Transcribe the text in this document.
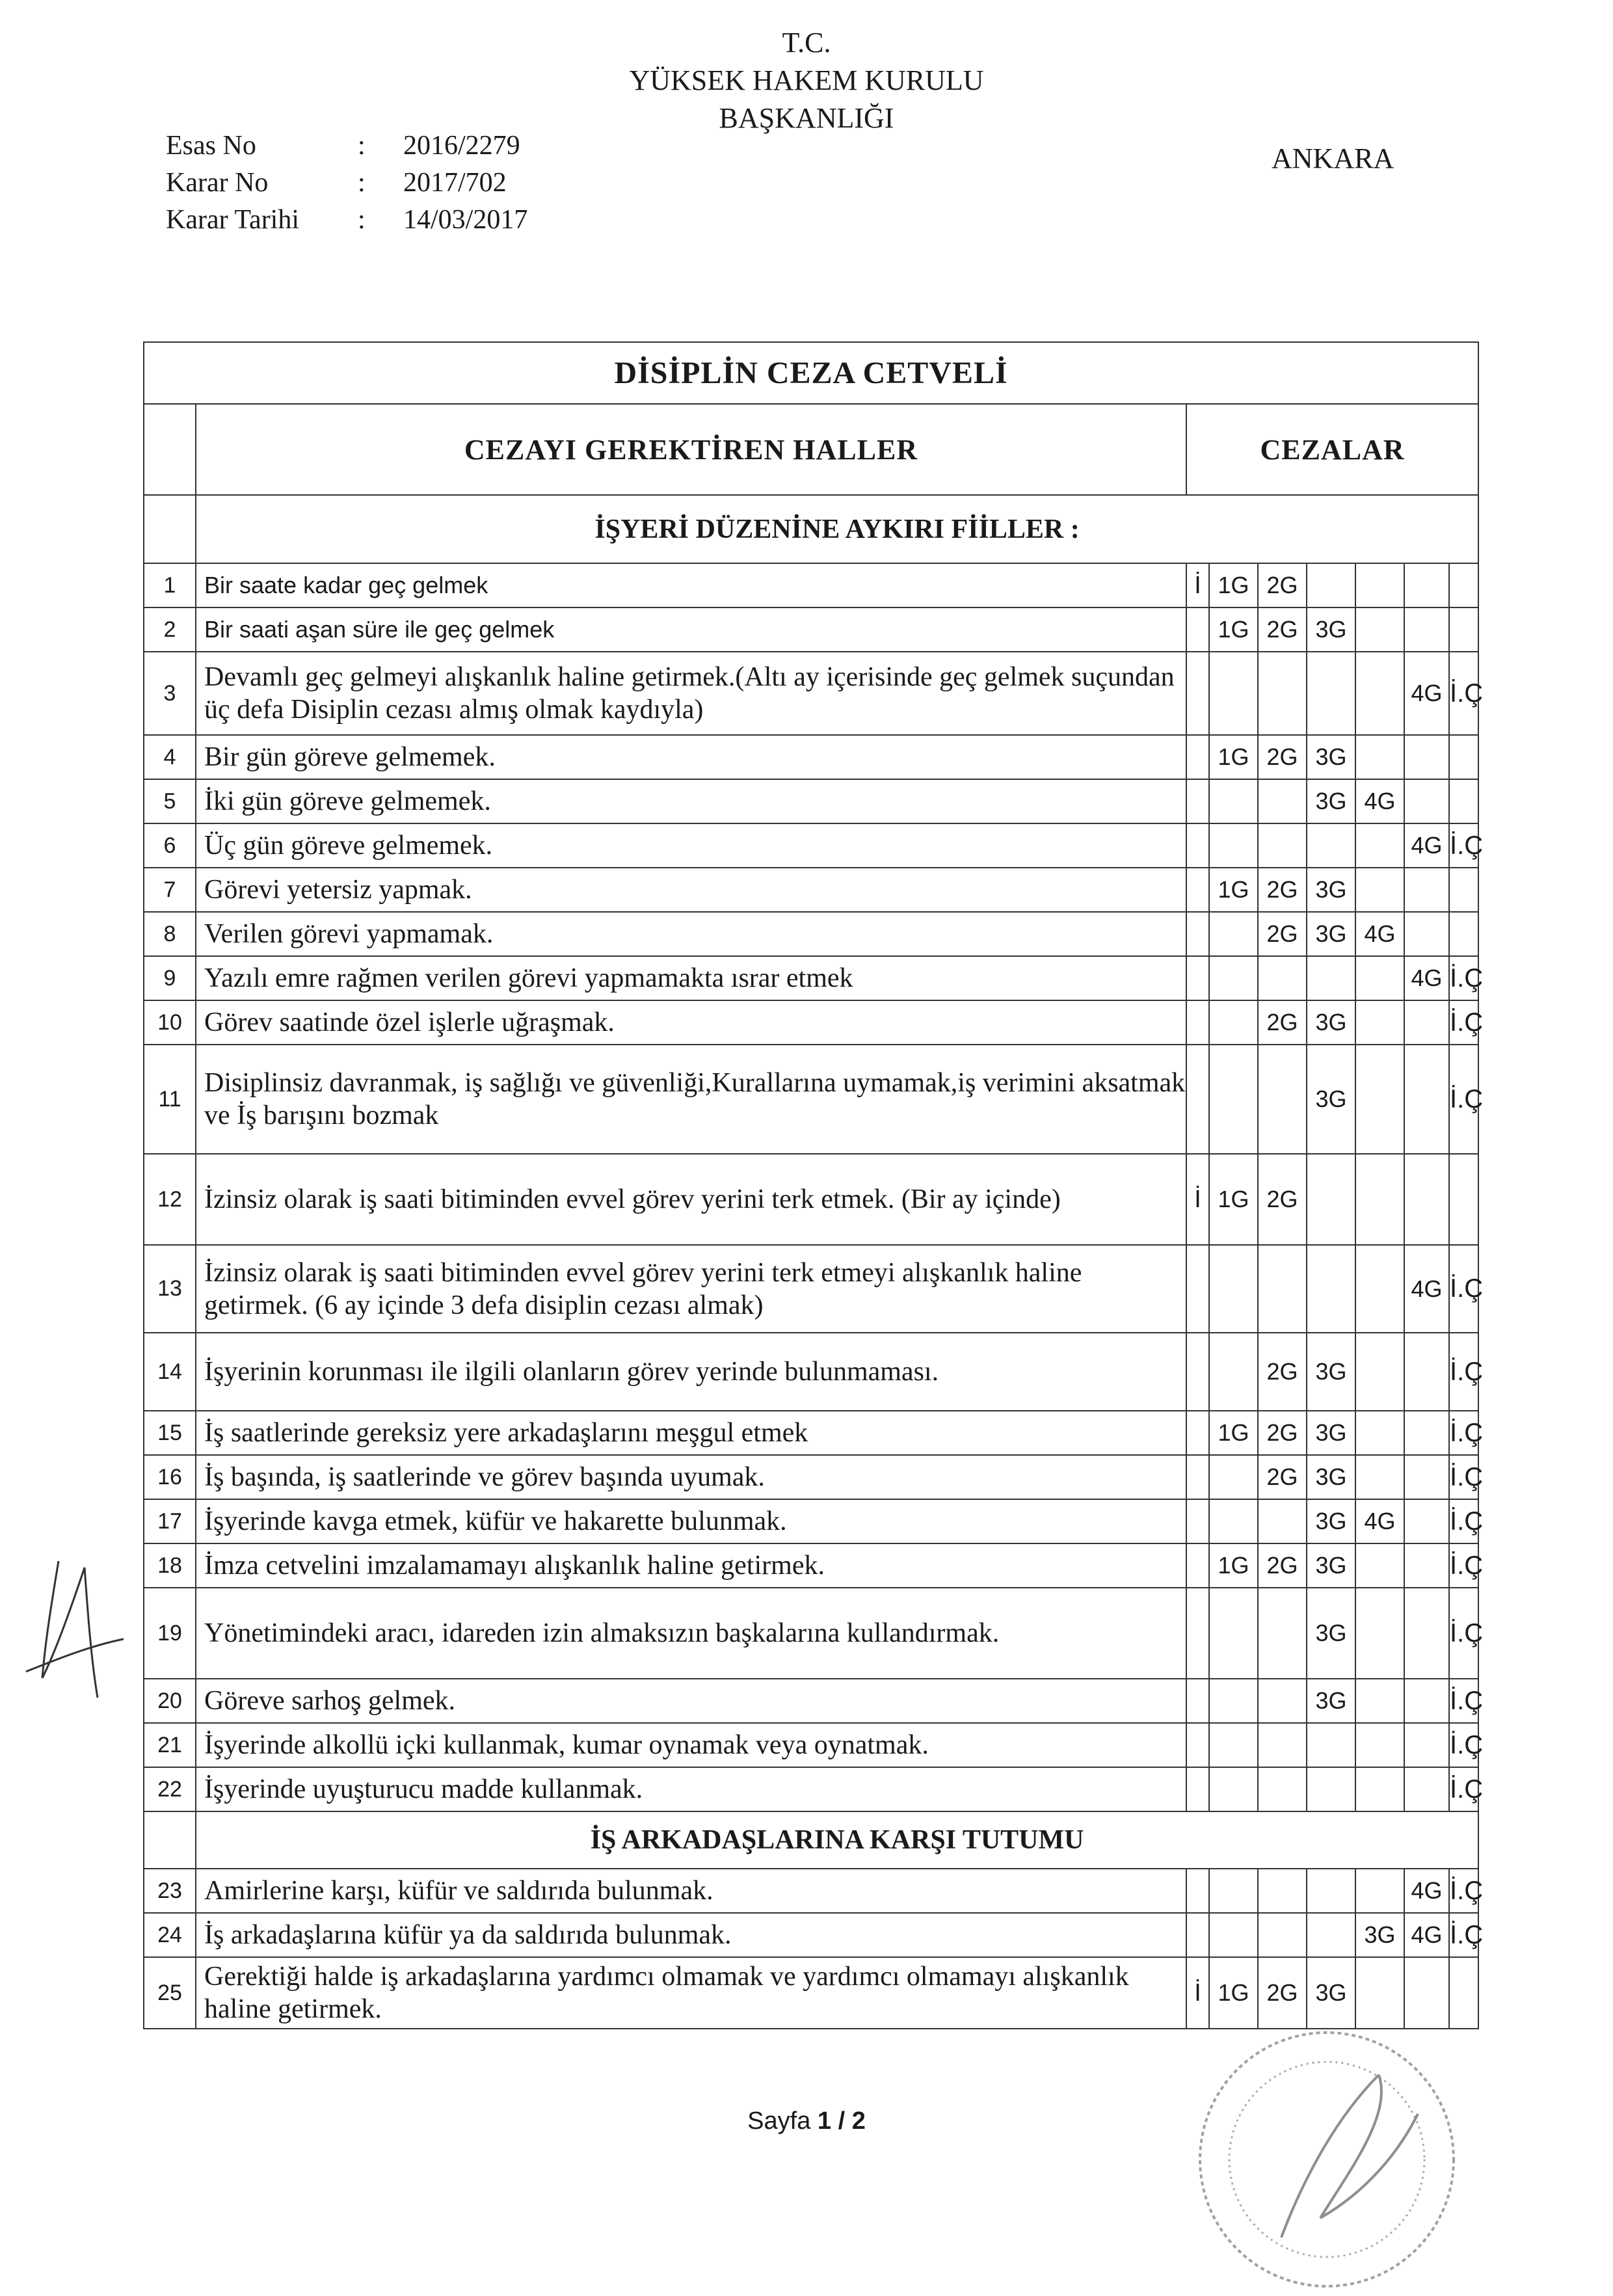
T.C.
YÜKSEK HAKEM KURULU
BAŞKANLIĞI
Esas No	:	2016/2279
Karar No	:	2017/702
Karar Tarihi	:	14/03/2017
ANKARA
DİSİPLİN CEZA CETVELİ								
	CEZAYI GEREKTİREN HALLER	CEZALAR						
	İŞYERİ DÜZENİNE AYKIRI FİİLLER :							
1	Bir saate kadar geç gelmek	İ	1G	2G				
2	Bir saati aşan süre ile geç gelmek		1G	2G	3G			
3	Devamlı geç gelmeyi alışkanlık haline getirmek.(Altı ay içerisinde geç gelmek suçundan üç defa Disiplin cezası almış olmak kaydıyla)						4G	İ.Ç
4	Bir gün göreve gelmemek.		1G	2G	3G			
5	İki gün göreve gelmemek.				3G	4G		
6	Üç gün göreve gelmemek.						4G	İ.Ç
7	Görevi yetersiz yapmak.		1G	2G	3G			
8	Verilen görevi yapmamak.			2G	3G	4G		
9	Yazılı emre rağmen verilen görevi yapmamakta ısrar etmek						4G	İ.Ç
10	Görev saatinde özel işlerle uğraşmak.			2G	3G			İ.Ç
11	Disiplinsiz davranmak, iş sağlığı ve güvenliği,Kurallarına uymamak,iş verimini aksatmak ve İş barışını bozmak				3G			İ.Ç
12	İzinsiz olarak iş saati bitiminden evvel görev yerini terk etmek. (Bir ay içinde)	İ	1G	2G				
13	İzinsiz olarak iş saati bitiminden evvel görev yerini terk etmeyi alışkanlık haline getirmek. (6 ay içinde 3 defa disiplin cezası almak)						4G	İ.Ç
14	İşyerinin korunması ile ilgili olanların görev yerinde bulunmaması.			2G	3G			İ.Ç
15	İş saatlerinde gereksiz yere arkadaşlarını meşgul etmek		1G	2G	3G			İ.Ç
16	İş başında, iş saatlerinde ve görev başında uyumak.			2G	3G			İ.Ç
17	İşyerinde kavga etmek, küfür ve hakarette bulunmak.				3G	4G		İ.Ç
18	İmza cetvelini imzalamamayı alışkanlık haline getirmek.		1G	2G	3G			İ.Ç
19	Yönetimindeki aracı, idareden izin almaksızın başkalarına kullandırmak.				3G			İ.Ç
20	Göreve sarhoş gelmek.				3G			İ.Ç
21	İşyerinde alkollü içki kullanmak, kumar oynamak veya oynatmak.							İ.Ç
22	İşyerinde uyuşturucu madde kullanmak.							İ.Ç
	İŞ ARKADAŞLARINA KARŞI TUTUMU							
23	Amirlerine karşı, küfür ve saldırıda bulunmak.						4G	İ.Ç
24	İş arkadaşlarına küfür ya da saldırıda bulunmak.					3G	4G	İ.Ç
25	Gerektiği halde iş arkadaşlarına yardımcı olmamak ve yardımcı olmamayı alışkanlık haline getirmek.	İ	1G	2G	3G			
Sayfa 1 / 2
